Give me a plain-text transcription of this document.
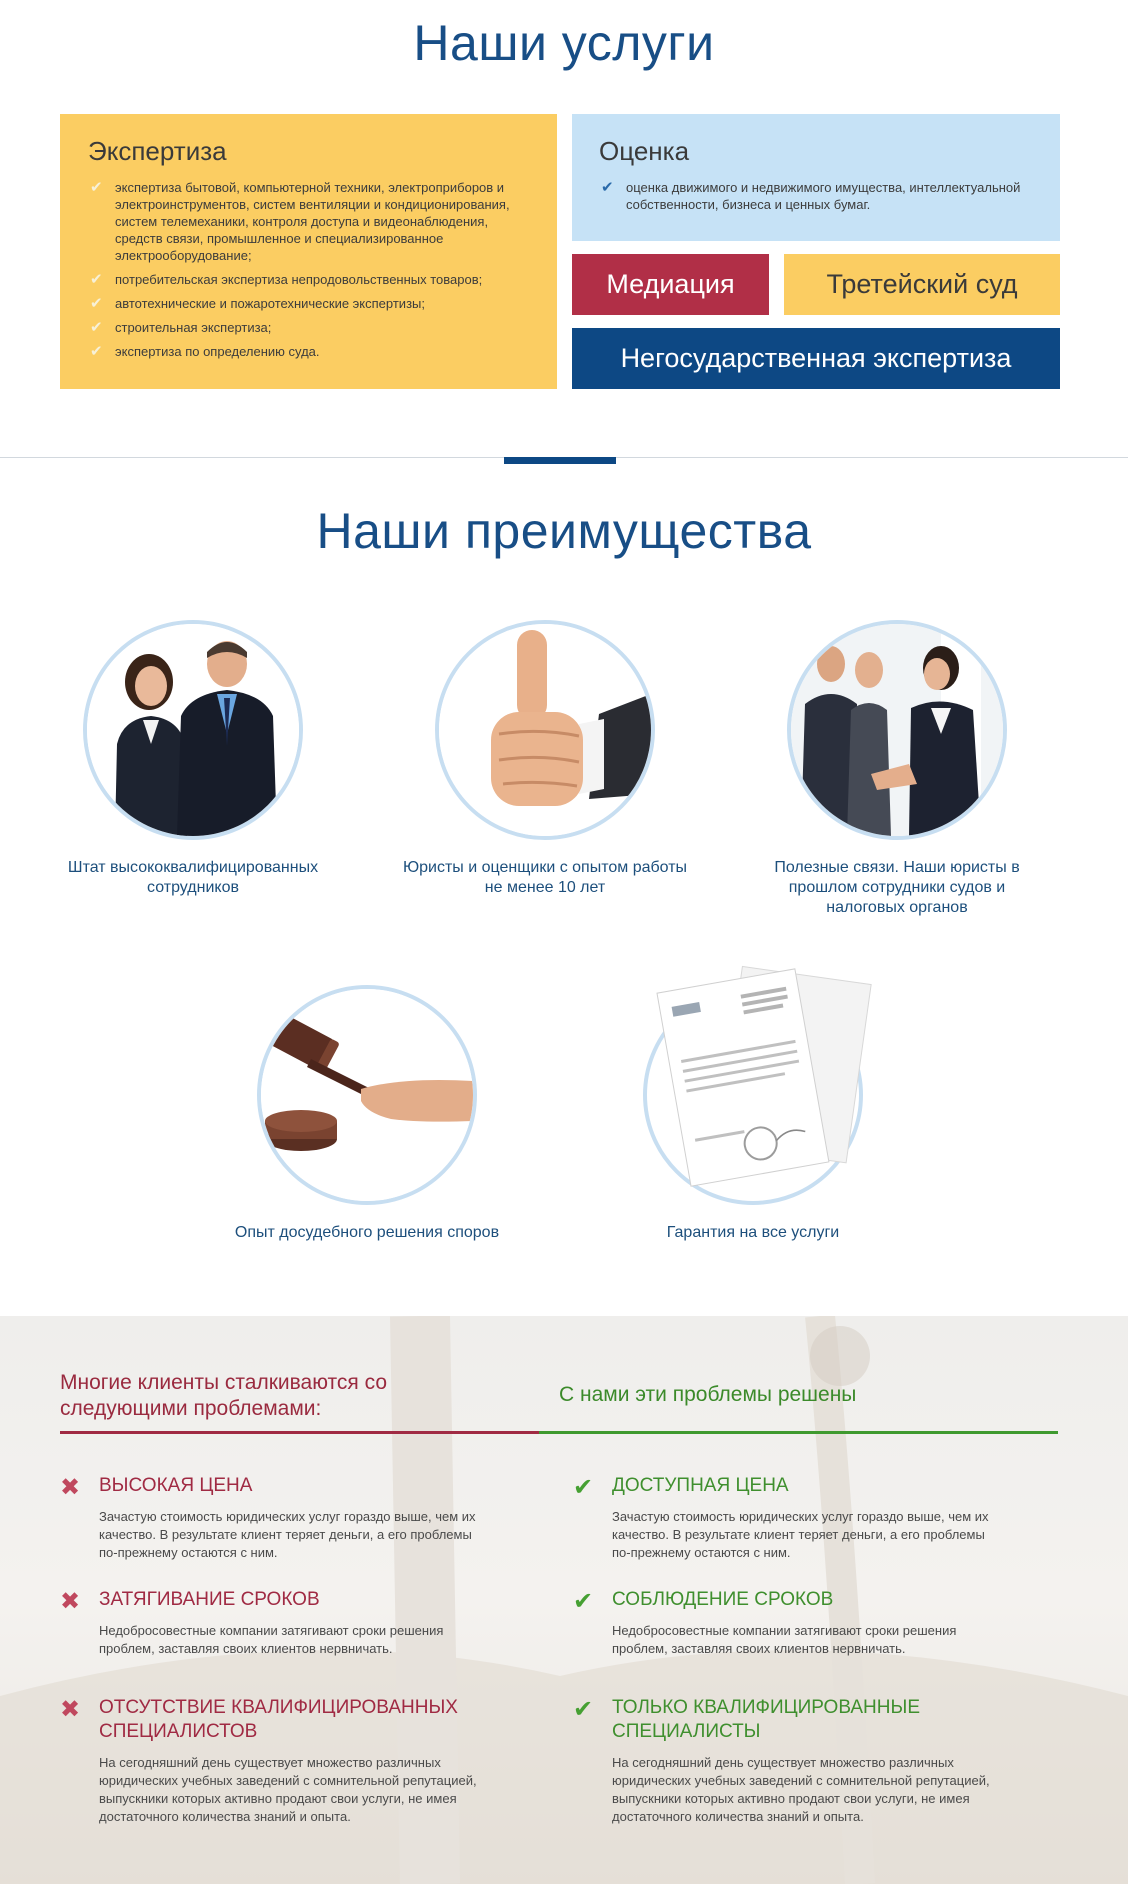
Наши услуги
Экспертиза
✔ экспертиза бытовой, компьютерной техники, электроприборов и электроинструментов, систем вентиляции и кондиционирования, систем телемеханики, контроля доступа и видеонаблюдения, средств связи, промышленное и специализированное электрооборудование;
✔ потребительская экспертиза непродовольственных товаров;
✔ автотехнические и пожаротехнические экспертизы;
✔ строительная экспертиза;
✔ экспертиза по определению суда.
Оценка
✔ оценка движимого и недвижимого имущества, интеллектуальной собственности, бизнеса и ценных бумаг.
Медиация	Третейский суд
Негосударственная экспертиза
Наши преимущества
Штат высококвалифицированных сотрудников
Юристы и оценщики с опытом работы не менее 10 лет
Полезные связи. Наши юристы в прошлом сотрудники судов и налоговых органов
Опыт досудебного решения споров	Гарантия на все услуги
Многие клиенты сталкиваются со следующими проблемами:
С нами эти проблемы решены
✖ ВЫСОКАЯ ЦЕНА
Зачастую стоимость юридических услуг гораздо выше, чем их качество. В результате клиент теряет деньги, а его проблемы по-прежнему остаются с ним.
✖ ЗАТЯГИВАНИЕ СРОКОВ
Недобросовестные компании затягивают сроки решения проблем, заставляя своих клиентов нервничать.
✖ ОТСУТСТВИЕ КВАЛИФИЦИРОВАННЫХ СПЕЦИАЛИСТОВ
На сегодняшний день существует множество различных юридических учебных заведений с сомнительной репутацией, выпускники которых активно продают свои услуги, не имея достаточного количества знаний и опыта.
✔ ДОСТУПНАЯ ЦЕНА
Зачастую стоимость юридических услуг гораздо выше, чем их качество. В результате клиент теряет деньги, а его проблемы по-прежнему остаются с ним.
✔ СОБЛЮДЕНИЕ СРОКОВ
Недобросовестные компании затягивают сроки решения проблем, заставляя своих клиентов нервничать.
✔ ТОЛЬКО КВАЛИФИЦИРОВАННЫЕ СПЕЦИАЛИСТЫ
На сегодняшний день существует множество различных юридических учебных заведений с сомнительной репутацией, выпускники которых активно продают свои услуги, не имея достаточного количества знаний и опыта.
